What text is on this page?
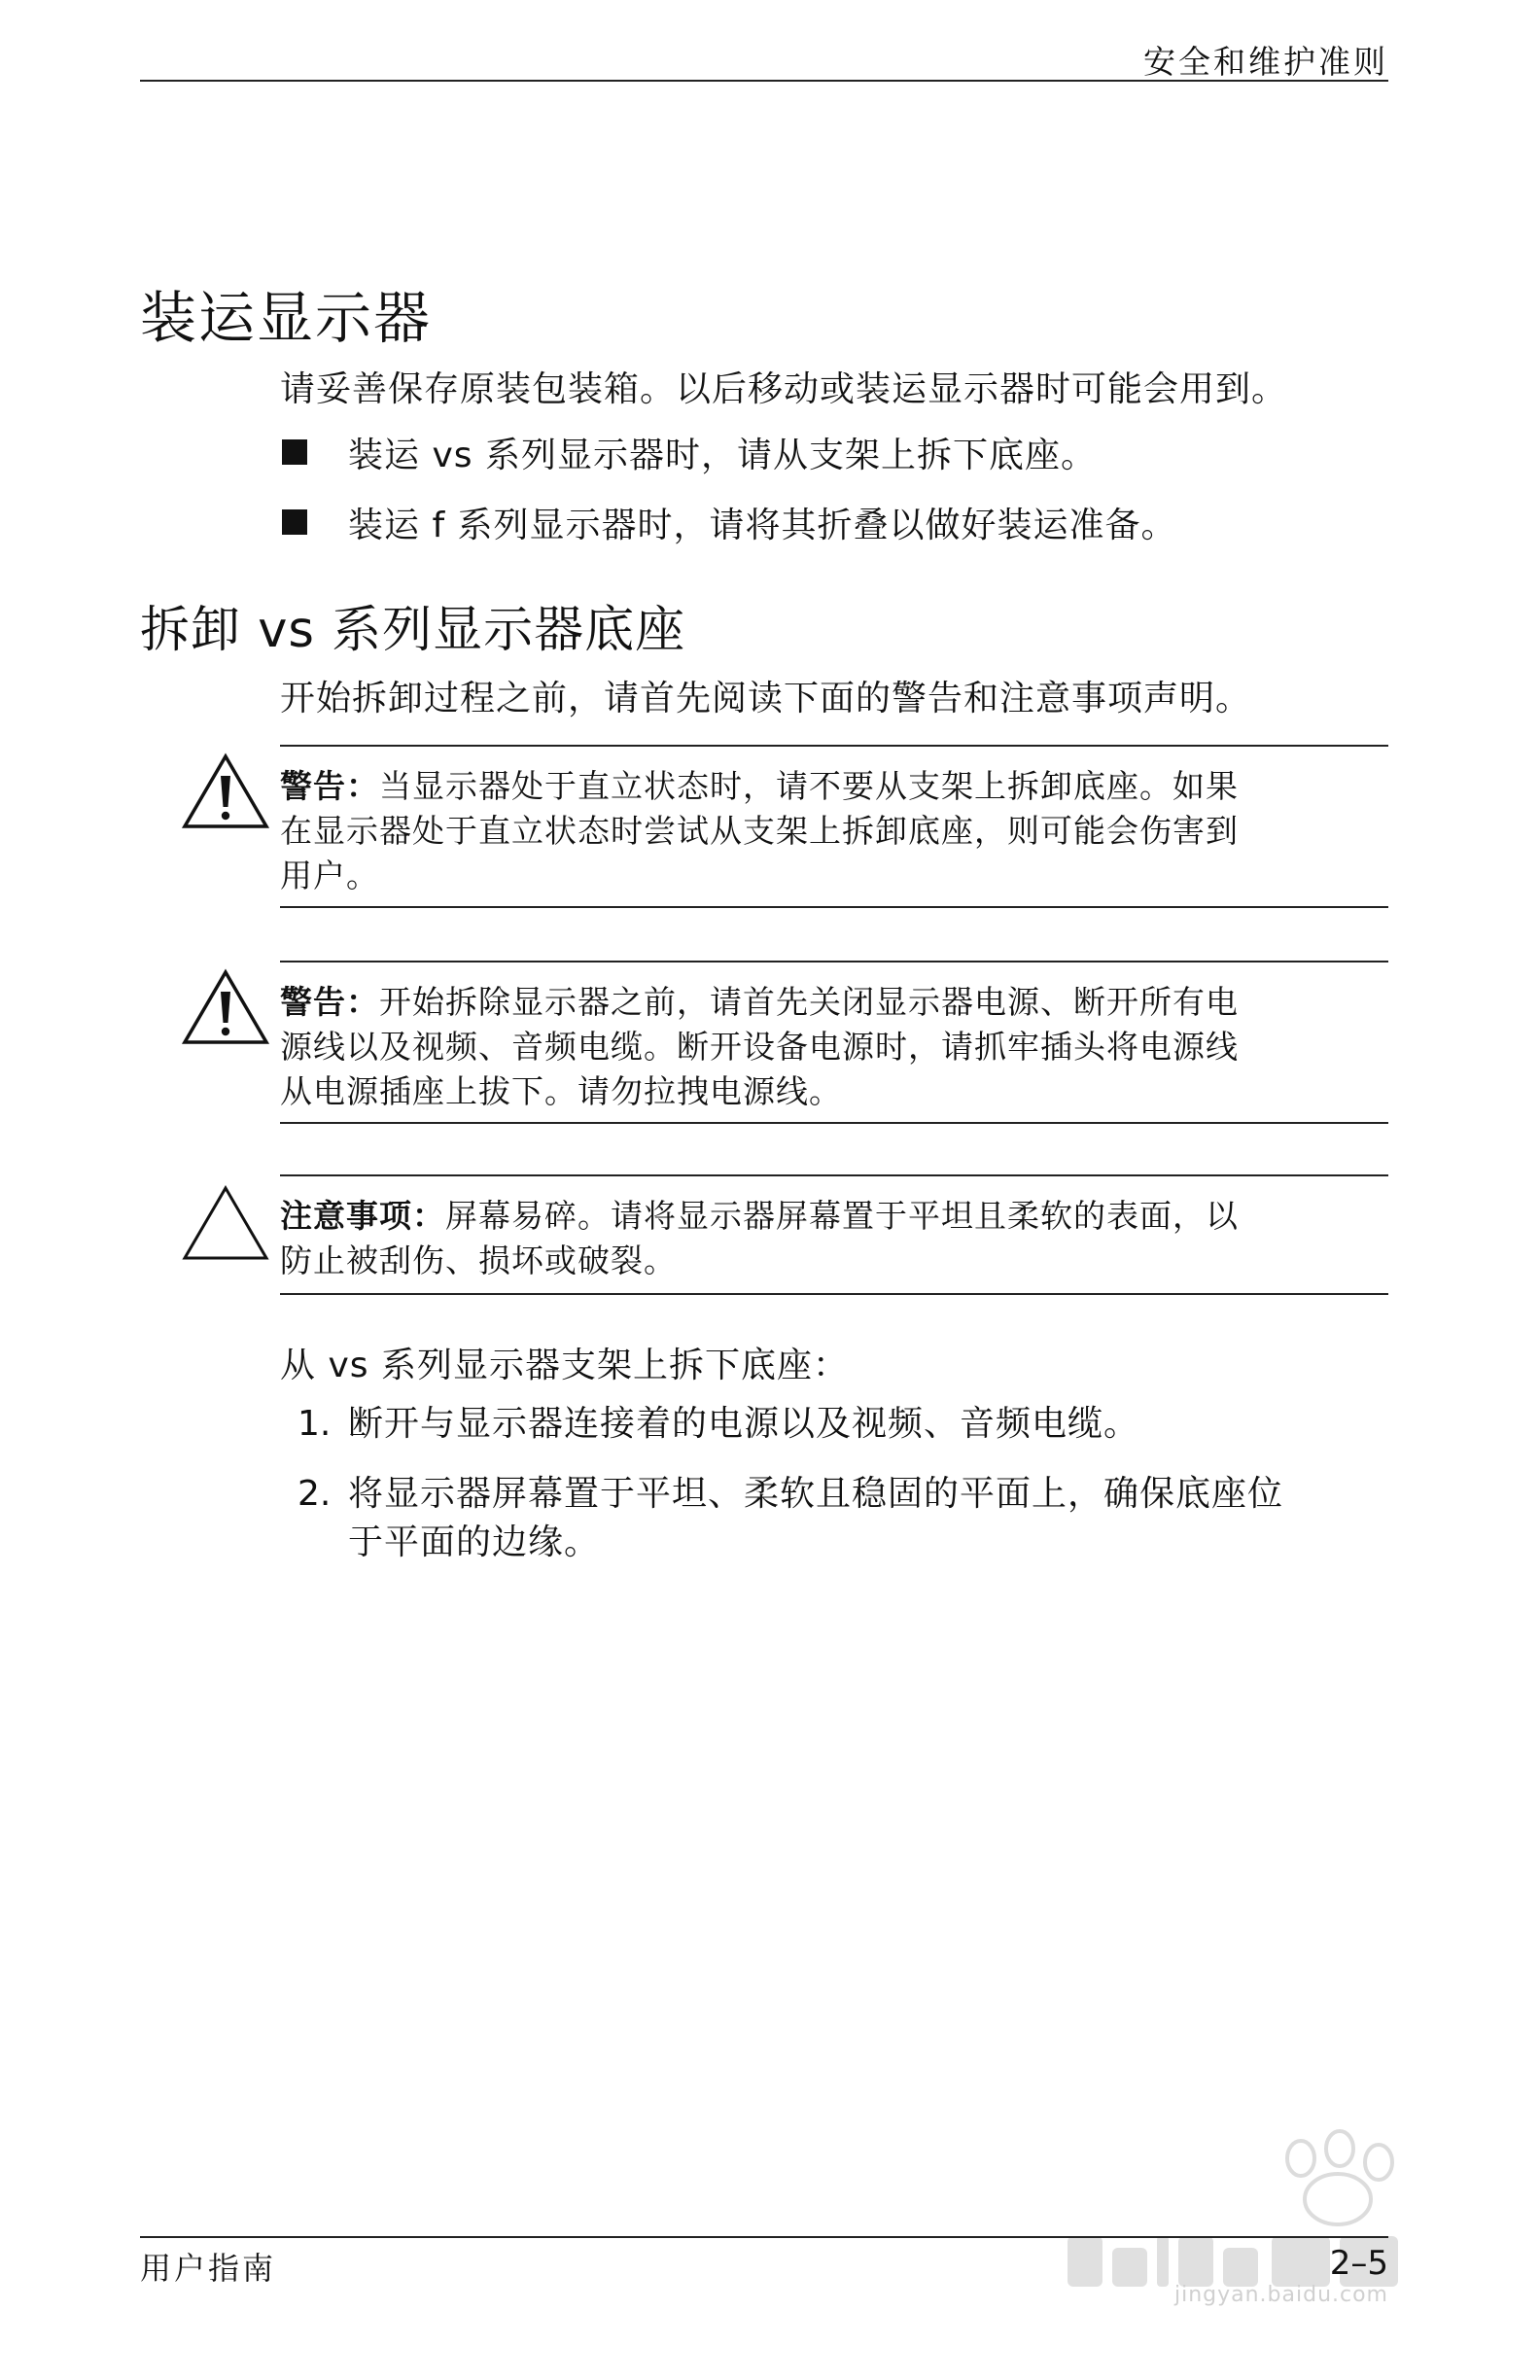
安全和维护准则
装运显示器
请妥善保存原装包装箱。以后移动或装运显示器时可能会用到。
装运 vs 系列显示器时，请从支架上拆下底座。
装运 f 系列显示器时，请将其折叠以做好装运准备。
拆卸 vs 系列显示器底座
开始拆卸过程之前，请首先阅读下面的警告和注意事项声明。
警告：当显示器处于直立状态时，请不要从支架上拆卸底座。如果
在显示器处于直立状态时尝试从支架上拆卸底座，则可能会伤害到
用户。
警告：开始拆除显示器之前，请首先关闭显示器电源、断开所有电
源线以及视频、音频电缆。断开设备电源时，请抓牢插头将电源线
从电源插座上拔下。请勿拉拽电源线。
注意事项：屏幕易碎。请将显示器屏幕置于平坦且柔软的表面，以
防止被刮伤、损坏或破裂。
从 vs 系列显示器支架上拆下底座：
1. 断开与显示器连接着的电源以及视频、音频电缆。
2. 将显示器屏幕置于平坦、柔软且稳固的平面上，确保底座位
于平面的边缘。
jingyan.baidu.com
用户指南	2–5
